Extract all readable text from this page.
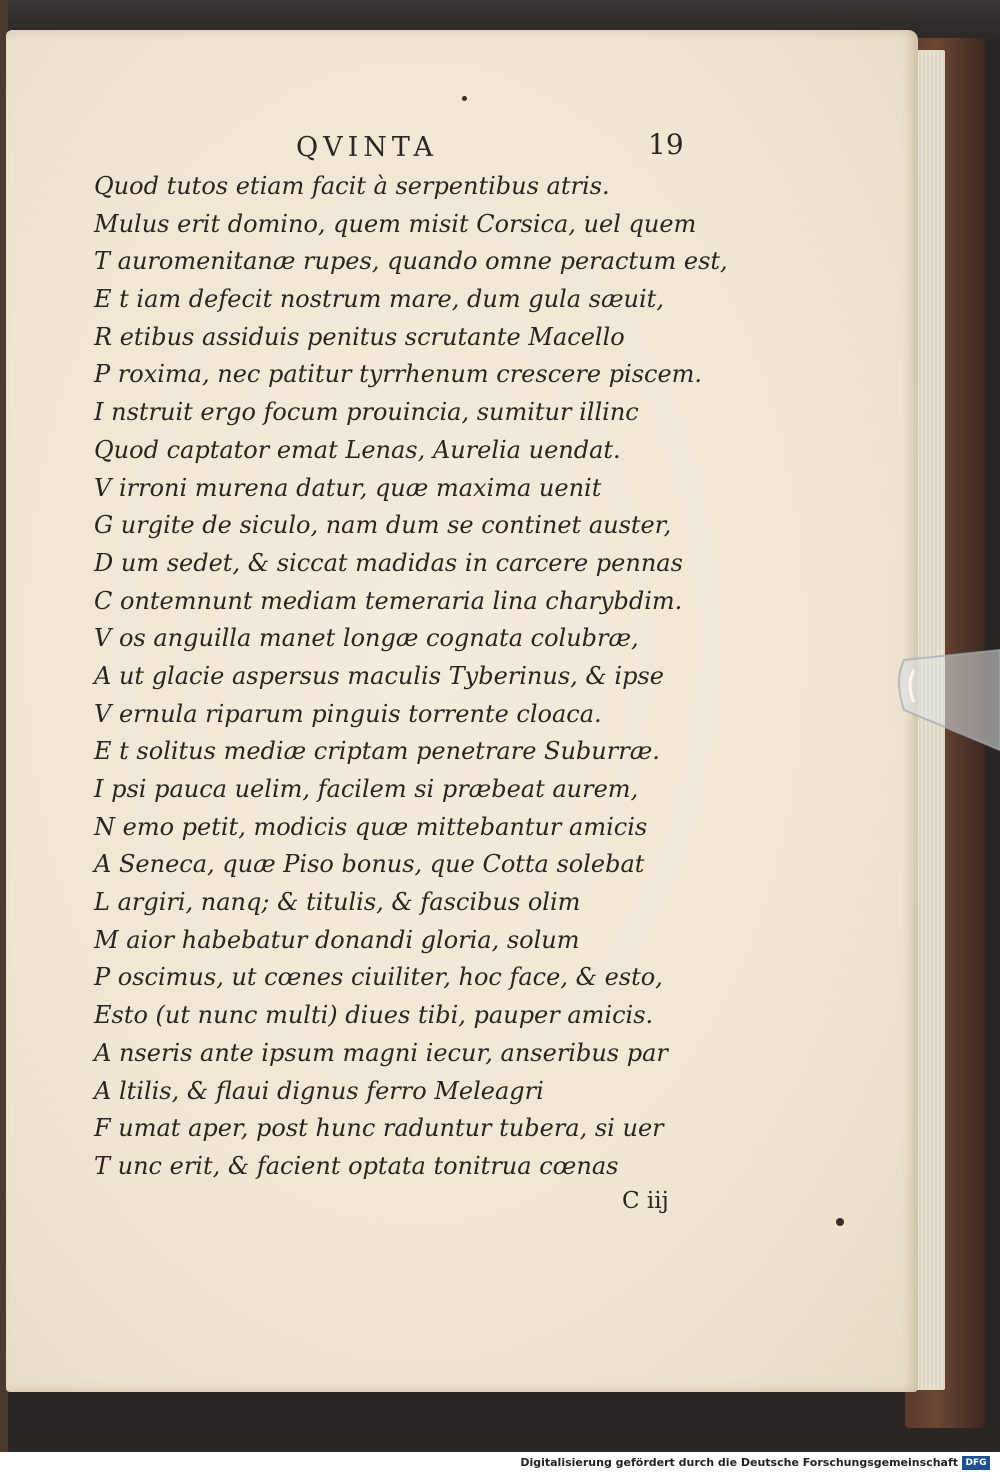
QVINTA	19
Quod tutos etiam facit à serpentibus atris.
Mulus erit domino, quem misit Corsica, uel quem
T auromenitanæ rupes, quando omne peractum est,
E t iam defecit nostrum mare, dum gula sæuit,
R etibus assiduis penitus scrutante Macello
P roxima, nec patitur tyrrhenum crescere piscem.
I nstruit ergo focum prouincia, sumitur illinc
Quod captator emat Lenas, Aurelia uendat.
V irroni murena datur, quæ maxima uenit
G urgite de siculo, nam dum se continet auster,
D um sedet, & siccat madidas in carcere pennas
C ontemnunt mediam temeraria lina charybdim.
V os anguilla manet longæ cognata colubræ,
A ut glacie aspersus maculis Tyberinus, & ipse
V ernula riparum pinguis torrente cloaca.
E t solitus mediæ criptam penetrare Suburræ.
I psi pauca uelim, facilem si præbeat aurem,
N emo petit, modicis quæ mittebantur amicis
A Seneca, quæ Piso bonus, que Cotta solebat
L argiri, nanq; & titulis, & fascibus olim
M aior habebatur donandi gloria, solum
P oscimus, ut cœnes ciuiliter, hoc face, & esto,
Esto (ut nunc multi) diues tibi, pauper amicis.
A nseris ante ipsum magni iecur, anseribus par
A ltilis, & flaui dignus ferro Meleagri
F umat aper, post hunc raduntur tubera, si uer
T unc erit, & facient optata tonitrua cœnas
C iij
Digitalisierung gefördert durch die Deutsche Forschungsgemeinschaft DFG
